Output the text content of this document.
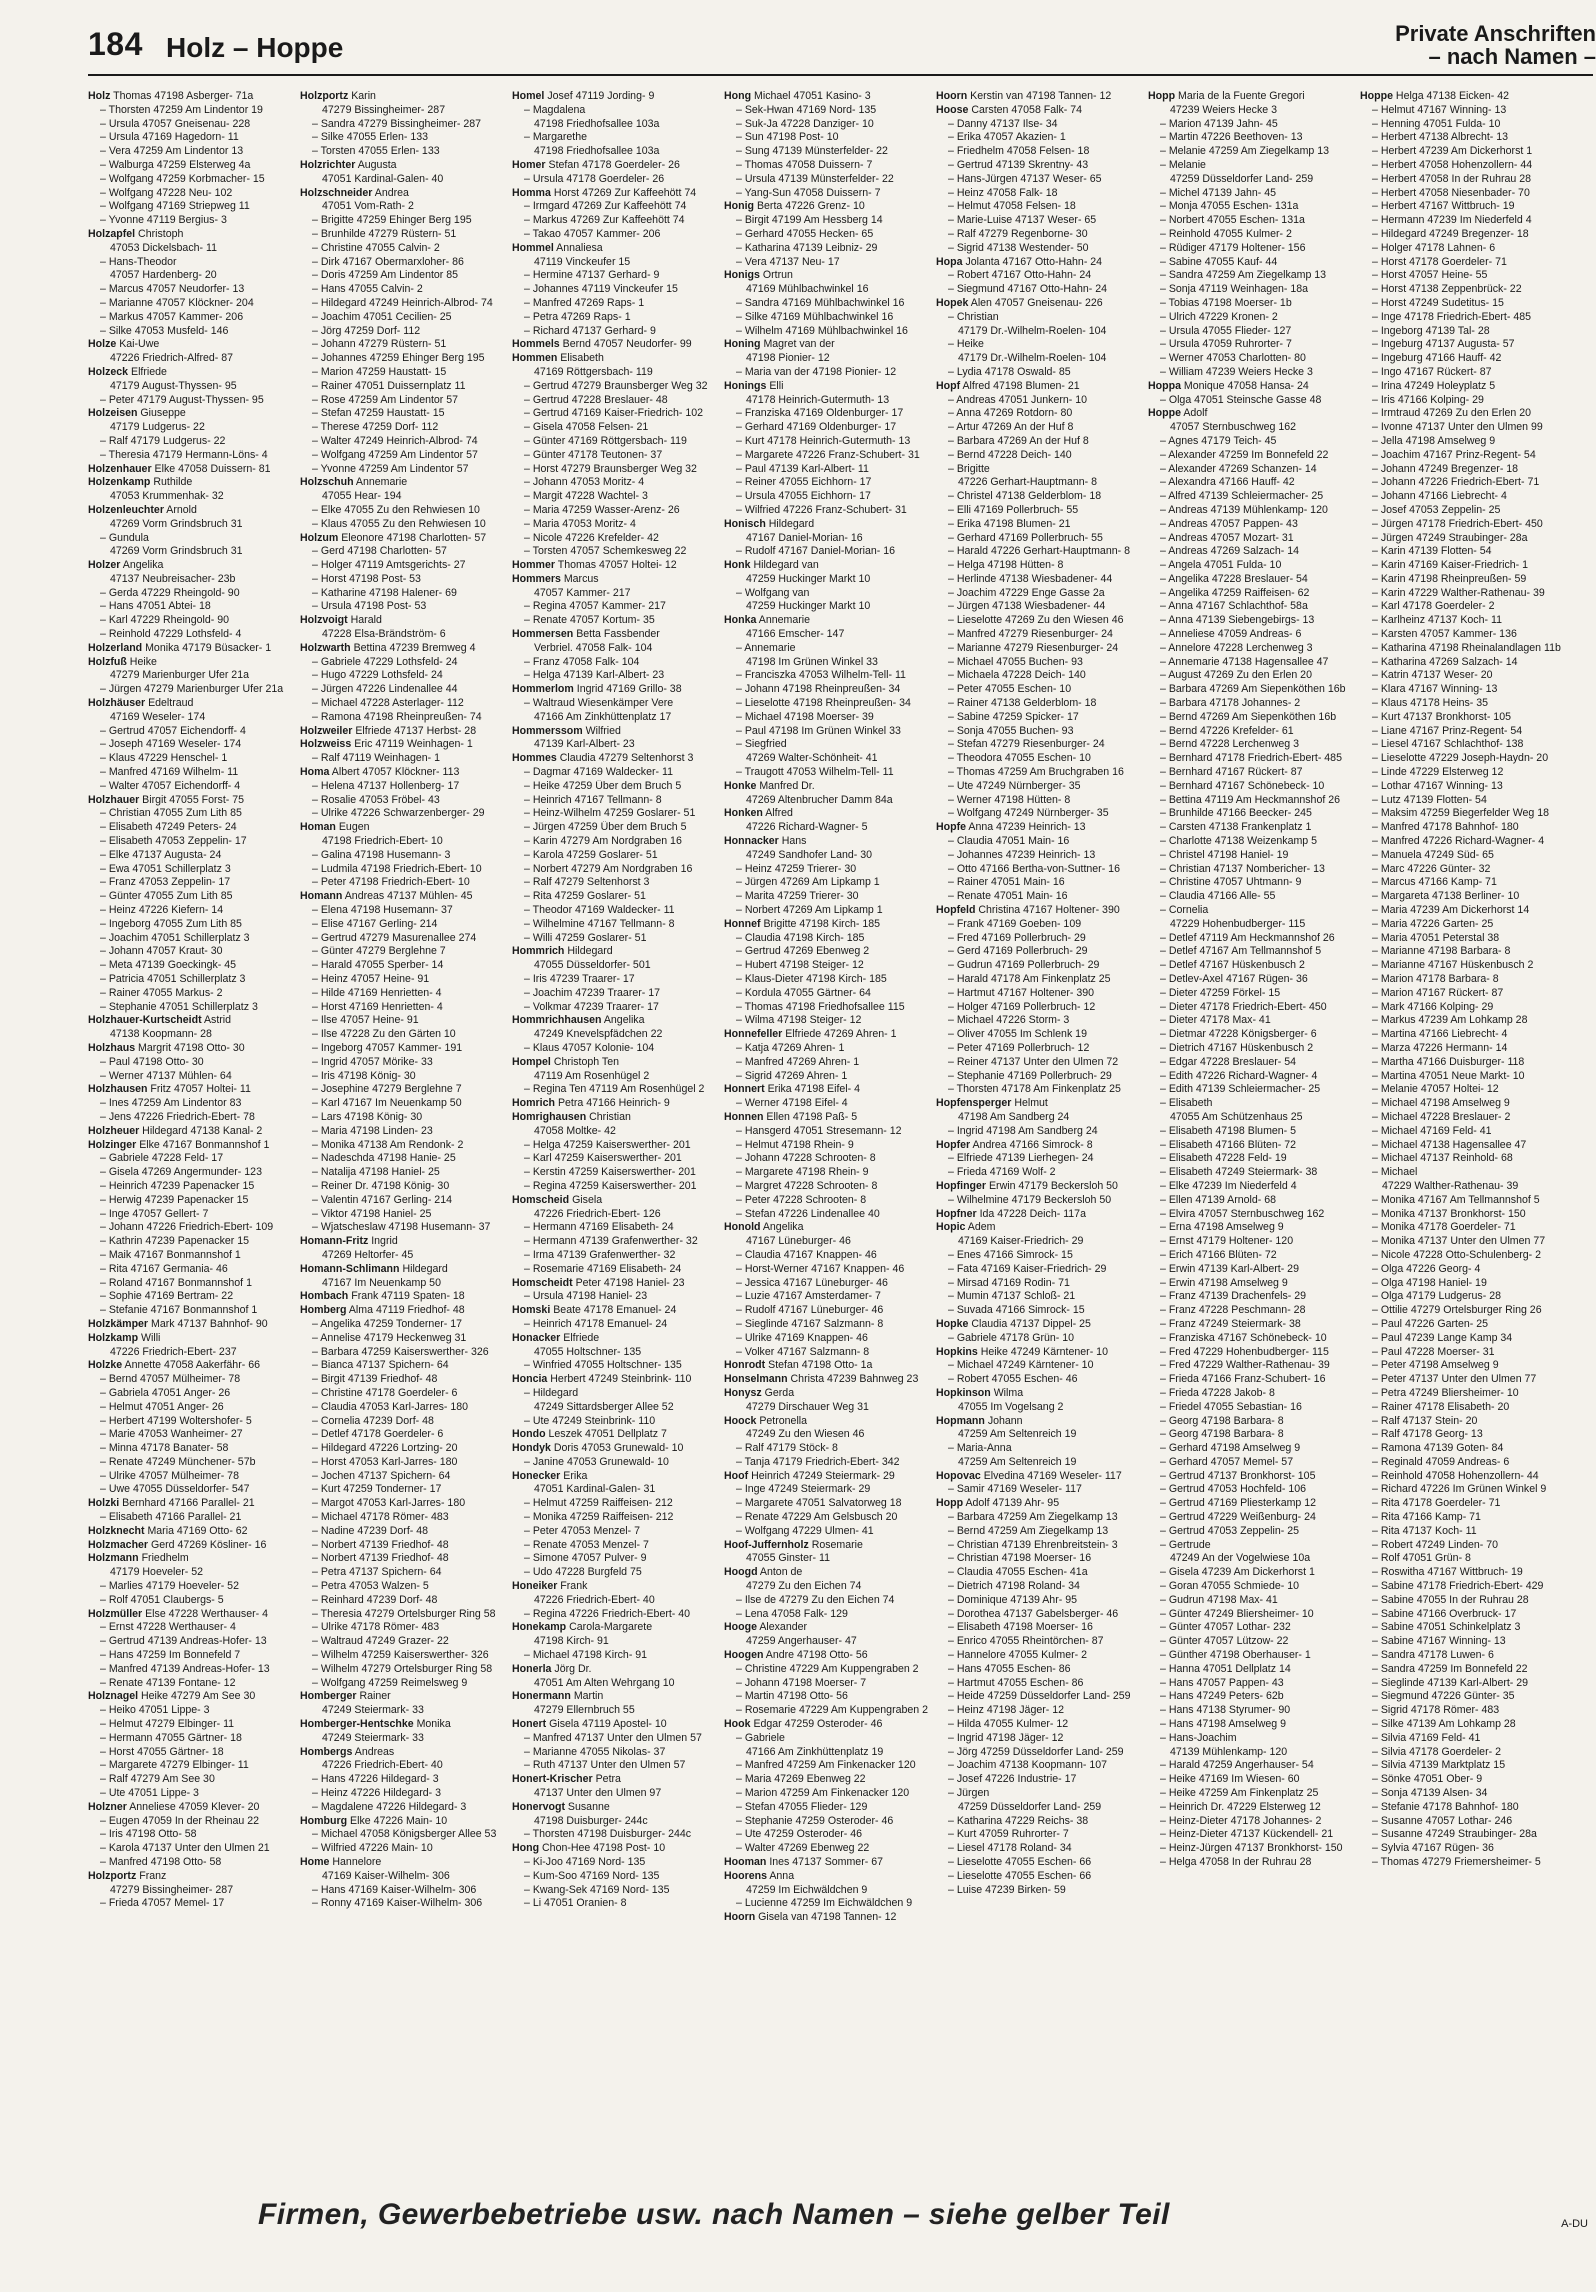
184 Holz – Hoppe	Private Anschriften
– nach Namen –
Holz Thomas 47198 Asberger- 71a
– Thorsten 47259 Am Lindentor 19
– Ursula 47057 Gneisenau- 228
– Ursula 47169 Hagedorn- 11
– Vera 47259 Am Lindentor 13
– Walburga 47259 Elsterweg 4a
– Wolfgang 47259 Korbmacher- 15
– Wolfgang 47228 Neu- 102
– Wolfgang 47169 Striepweg 11
– Yvonne 47119 Bergius- 3
Holzapfel Christoph
47053 Dickelsbach- 11
– Hans-Theodor
47057 Hardenberg- 20
– Marcus 47057 Neudorfer- 13
– Marianne 47057 Klöckner- 204
– Markus 47057 Kammer- 206
– Silke 47053 Musfeld- 146
Holze Kai-Uwe
47226 Friedrich-Alfred- 87
Holzeck Elfriede
47179 August-Thyssen- 95
– Peter 47179 August-Thyssen- 95
Holzeisen Giuseppe
47179 Ludgerus- 22
– Ralf 47179 Ludgerus- 22
– Theresia 47179 Hermann-Löns- 4
Holzenhauer Elke 47058 Duissern- 81
Holzenkamp Ruthilde
47053 Krummenhak- 32
Holzenleuchter Arnold
47269 Vorm Grindsbruch 31
– Gundula
47269 Vorm Grindsbruch 31
Holzer Angelika
47137 Neubreisacher- 23b
– Gerda 47229 Rheingold- 90
– Hans 47051 Abtei- 18
– Karl 47229 Rheingold- 90
– Reinhold 47229 Lothsfeld- 4
Holzerland Monika 47179 Büsacker- 1
Holzfuß Heike
47279 Marienburger Ufer 21a
– Jürgen 47279 Marienburger Ufer 21a
Holzhäuser Edeltraud
47169 Weseler- 174
– Gertrud 47057 Eichendorff- 4
– Joseph 47169 Weseler- 174
– Klaus 47229 Henschel- 1
– Manfred 47169 Wilhelm- 11
– Walter 47057 Eichendorff- 4
Holzhauer Birgit 47055 Forst- 75
– Christian 47055 Zum Lith 85
– Elisabeth 47249 Peters- 24
– Elisabeth 47053 Zeppelin- 17
– Elke 47137 Augusta- 24
– Ewa 47051 Schillerplatz 3
– Franz 47053 Zeppelin- 17
– Günter 47055 Zum Lith 85
– Heinz 47226 Kiefern- 14
– Ingeborg 47055 Zum Lith 85
– Joachim 47051 Schillerplatz 3
– Johann 47057 Kraut- 30
– Meta 47139 Goeckingk- 45
– Patricia 47051 Schillerplatz 3
– Rainer 47055 Markus- 2
– Stephanie 47051 Schillerplatz 3
Holzhauer-Kurtscheidt Astrid
47138 Koopmann- 28
Holzhaus Margrit 47198 Otto- 30
– Paul 47198 Otto- 30
– Werner 47137 Mühlen- 64
Holzhausen Fritz 47057 Holtei- 11
– Ines 47259 Am Lindentor 83
– Jens 47226 Friedrich-Ebert- 78
Holzheuer Hildegard 47138 Kanal- 2
Holzinger Elke 47167 Bonmannshof 1
– Gabriele 47228 Feld- 17
– Gisela 47269 Angermunder- 123
– Heinrich 47239 Papenacker 15
– Herwig 47239 Papenacker 15
– Inge 47057 Gellert- 7
– Johann 47226 Friedrich-Ebert- 109
– Kathrin 47239 Papenacker 15
– Maik 47167 Bonmannshof 1
– Rita 47167 Germania- 46
– Roland 47167 Bonmannshof 1
– Sophie 47169 Bertram- 22
– Stefanie 47167 Bonmannshof 1
Holzkämper Mark 47137 Bahnhof- 90
Holzkamp Willi
47226 Friedrich-Ebert- 237
Holzke Annette 47058 Aakerfähr- 66
– Bernd 47057 Mülheimer- 78
– Gabriela 47051 Anger- 26
– Helmut 47051 Anger- 26
– Herbert 47199 Woltershofer- 5
– Marie 47053 Wanheimer- 27
– Minna 47178 Banater- 58
– Renate 47249 Münchener- 57b
– Ulrike 47057 Mülheimer- 78
– Uwe 47055 Düsseldorfer- 547
Holzki Bernhard 47166 Parallel- 21
– Elisabeth 47166 Parallel- 21
Holzknecht Maria 47169 Otto- 62
Holzmacher Gerd 47269 Kösliner- 16
Holzmann Friedhelm
47179 Hoeveler- 52
– Marlies 47179 Hoeveler- 52
– Rolf 47051 Claubergs- 5
Holzmüller Else 47228 Werthauser- 4
– Ernst 47228 Werthauser- 4
– Gertrud 47139 Andreas-Hofer- 13
– Hans 47259 Im Bonnefeld 7
– Manfred 47139 Andreas-Hofer- 13
– Renate 47139 Fontane- 12
Holznagel Heike 47279 Am See 30
– Heiko 47051 Lippe- 3
– Helmut 47279 Elbinger- 11
– Hermann 47055 Gärtner- 18
– Horst 47055 Gärtner- 18
– Margarete 47279 Elbinger- 11
– Ralf 47279 Am See 30
– Ute 47051 Lippe- 3
Holzner Anneliese 47059 Klever- 20
– Eugen 47059 In der Rheinau 22
– Iris 47198 Otto- 58
– Karola 47137 Unter den Ulmen 21
– Manfred 47198 Otto- 58
Holzportz Franz
47279 Bissingheimer- 287
– Frieda 47057 Memel- 17
Holzportz Karin
47279 Bissingheimer- 287
– Sandra 47279 Bissingheimer- 287
– Silke 47055 Erlen- 133
– Torsten 47055 Erlen- 133
Holzrichter Augusta
47051 Kardinal-Galen- 40
Holzschneider Andrea
47051 Vom-Rath- 2
– Brigitte 47259 Ehinger Berg 195
– Brunhilde 47279 Rüstern- 51
– Christine 47055 Calvin- 2
– Dirk 47167 Obermarxloher- 86
– Doris 47259 Am Lindentor 85
– Hans 47055 Calvin- 2
– Hildegard 47249 Heinrich-Albrod- 74
– Joachim 47051 Cecilien- 25
– Jörg 47259 Dorf- 112
– Johann 47279 Rüstern- 51
– Johannes 47259 Ehinger Berg 195
– Marion 47259 Haustatt- 15
– Rainer 47051 Duissernplatz 11
– Rose 47259 Am Lindentor 57
– Stefan 47259 Haustatt- 15
– Therese 47259 Dorf- 112
– Walter 47249 Heinrich-Albrod- 74
– Wolfgang 47259 Am Lindentor 57
– Yvonne 47259 Am Lindentor 57
Holzschuh Annemarie
47055 Hear- 194
– Elke 47055 Zu den Rehwiesen 10
– Klaus 47055 Zu den Rehwiesen 10
Holzum Eleonore 47198 Charlotten- 57
– Gerd 47198 Charlotten- 57
– Holger 47119 Amtsgerichts- 27
– Horst 47198 Post- 53
– Katharine 47198 Halener- 69
– Ursula 47198 Post- 53
Holzvoigt Harald
47228 Elsa-Brändström- 6
Holzwarth Bettina 47239 Bremweg 4
– Gabriele 47229 Lothsfeld- 24
– Hugo 47229 Lothsfeld- 24
– Jürgen 47226 Lindenallee 44
– Michael 47228 Asterlager- 112
– Ramona 47198 Rheinpreußen- 74
Holzweiler Elfriede 47137 Herbst- 28
Holzweiss Eric 47119 Weinhagen- 1
– Ralf 47119 Weinhagen- 1
Homa Albert 47057 Klöckner- 113
– Helena 47137 Hollenberg- 17
– Rosalie 47053 Fröbel- 43
– Ulrike 47226 Schwarzenberger- 29
Homan Eugen
47198 Friedrich-Ebert- 10
– Galina 47198 Husemann- 3
– Ludmila 47198 Friedrich-Ebert- 10
– Peter 47198 Friedrich-Ebert- 10
Homann Andreas 47137 Mühlen- 45
– Elena 47198 Husemann- 37
– Elise 47167 Gerling- 214
– Gertrud 47279 Masurenallee 274
– Günter 47279 Berglehne 7
– Harald 47055 Sperber- 14
– Heinz 47057 Heine- 91
– Hilde 47169 Henrietten- 4
– Horst 47169 Henrietten- 4
– Ilse 47057 Heine- 91
– Ilse 47228 Zu den Gärten 10
– Ingeborg 47057 Kammer- 191
– Ingrid 47057 Mörike- 33
– Iris 47198 König- 30
– Josephine 47279 Berglehne 7
– Karl 47167 Im Neuenkamp 50
– Lars 47198 König- 30
– Maria 47198 Linden- 23
– Monika 47138 Am Rendonk- 2
– Nadeschda 47198 Hanie- 25
– Natalija 47198 Haniel- 25
– Reiner Dr. 47198 König- 30
– Valentin 47167 Gerling- 214
– Viktor 47198 Haniel- 25
– Wjatscheslaw 47198 Husemann- 37
Homann-Fritz Ingrid
47269 Heltorfer- 45
Homann-Schlimann Hildegard
47167 Im Neuenkamp 50
Hombach Frank 47119 Spaten- 18
Homberg Alma 47119 Friedhof- 48
– Angelika 47259 Tonderner- 17
– Annelise 47179 Heckenweg 31
– Barbara 47259 Kaiserswerther- 326
– Bianca 47137 Spichern- 64
– Birgit 47139 Friedhof- 48
– Christine 47178 Goerdeler- 6
– Claudia 47053 Karl-Jarres- 180
– Cornelia 47239 Dorf- 48
– Detlef 47178 Goerdeler- 6
– Hildegard 47226 Lortzing- 20
– Horst 47053 Karl-Jarres- 180
– Jochen 47137 Spichern- 64
– Kurt 47259 Tonderner- 17
– Margot 47053 Karl-Jarres- 180
– Michael 47178 Römer- 483
– Nadine 47239 Dorf- 48
– Norbert 47139 Friedhof- 48
– Norbert 47139 Friedhof- 48
– Petra 47137 Spichern- 64
– Petra 47053 Walzen- 5
– Reinhard 47239 Dorf- 48
– Theresia 47279 Ortelsburger Ring 58
– Ulrike 47178 Römer- 483
– Waltraud 47249 Grazer- 22
– Wilhelm 47259 Kaiserswerther- 326
– Wilhelm 47279 Ortelsburger Ring 58
– Wolfgang 47259 Reimelsweg 9
Homberger Rainer
47249 Steiermark- 33
Homberger-Hentschke Monika
47249 Steiermark- 33
Hombergs Andreas
47226 Friedrich-Ebert- 40
– Hans 47226 Hildegard- 3
– Heinz 47226 Hildegard- 3
– Magdalene 47226 Hildegard- 3
Homburg Elke 47226 Main- 10
– Michael 47058 Königsberger Allee 53
– Wilfried 47226 Main- 10
Home Hannelore
47169 Kaiser-Wilhelm- 306
– Hans 47169 Kaiser-Wilhelm- 306
– Ronny 47169 Kaiser-Wilhelm- 306
Homel Josef 47119 Jording- 9
– Magdalena
47198 Friedhofsallee 103a
– Margarethe
47198 Friedhofsallee 103a
Homer Stefan 47178 Goerdeler- 26
– Ursula 47178 Goerdeler- 26
Homma Horst 47269 Zur Kaffeehött 74
– Irmgard 47269 Zur Kaffeehött 74
– Markus 47269 Zur Kaffeehött 74
– Takao 47057 Kammer- 206
Hommel Annaliesa
47119 Vinckeufer 15
– Hermine 47137 Gerhard- 9
– Johannes 47119 Vinckeufer 15
– Manfred 47269 Raps- 1
– Petra 47269 Raps- 1
– Richard 47137 Gerhard- 9
Hommels Bernd 47057 Neudorfer- 99
Hommen Elisabeth
47169 Röttgersbach- 119
– Gertrud 47279 Braunsberger Weg 32
– Gertrud 47228 Breslauer- 48
– Gertrud 47169 Kaiser-Friedrich- 102
– Gisela 47058 Felsen- 21
– Günter 47169 Röttgersbach- 119
– Günter 47178 Teutonen- 37
– Horst 47279 Braunsberger Weg 32
– Johann 47053 Moritz- 4
– Margit 47228 Wachtel- 3
– Maria 47259 Wasser-Arenz- 26
– Maria 47053 Moritz- 4
– Nicole 47226 Krefelder- 42
– Torsten 47057 Schemkesweg 22
Hommer Thomas 47057 Holtei- 12
Hommers Marcus
47057 Kammer- 217
– Regina 47057 Kammer- 217
– Renate 47057 Kortum- 35
Hommersen Betta Fassbender
Verbriel. 47058 Falk- 104
– Franz 47058 Falk- 104
– Helga 47139 Karl-Albert- 23
Hommerlom Ingrid 47169 Grillo- 38
– Waltraud Wiesenkämper Vere
47166 Am Zinkhüttenplatz 17
Hommerssom Wilfried
47139 Karl-Albert- 23
Hommes Claudia 47279 Seltenhorst 3
– Dagmar 47169 Waldecker- 11
– Heike 47259 Über dem Bruch 5
– Heinrich 47167 Tellmann- 8
– Heinz-Wilhelm 47259 Goslarer- 51
– Jürgen 47259 Über dem Bruch 5
– Karin 47279 Am Nordgraben 16
– Karola 47259 Goslarer- 51
– Norbert 47279 Am Nordgraben 16
– Ralf 47279 Seltenhorst 3
– Rita 47259 Goslarer- 51
– Theodor 47169 Waldecker- 11
– Wilhelmine 47167 Tellmann- 8
– Willi 47259 Goslarer- 51
Hommrich Hildegard
47055 Düsseldorfer- 501
– Iris 47239 Traarer- 17
– Joachim 47239 Traarer- 17
– Volkmar 47239 Traarer- 17
Hommrichhausen Angelika
47249 Knevelspfädchen 22
– Klaus 47057 Kolonie- 104
Hompel Christoph Ten
47119 Am Rosenhügel 2
– Regina Ten 47119 Am Rosenhügel 2
Homrich Petra 47166 Heinrich- 9
Homrighausen Christian
47058 Moltke- 42
– Helga 47259 Kaiserswerther- 201
– Karl 47259 Kaiserswerther- 201
– Kerstin 47259 Kaiserswerther- 201
– Regina 47259 Kaiserswerther- 201
Homscheid Gisela
47226 Friedrich-Ebert- 126
– Hermann 47169 Elisabeth- 24
– Hermann 47139 Grafenwerther- 32
– Irma 47139 Grafenwerther- 32
– Rosemarie 47169 Elisabeth- 24
Homscheidt Peter 47198 Haniel- 23
– Ursula 47198 Haniel- 23
Homski Beate 47178 Emanuel- 24
– Heinrich 47178 Emanuel- 24
Honacker Elfriede
47055 Holtschner- 135
– Winfried 47055 Holtschner- 135
Honcia Herbert 47249 Steinbrink- 110
– Hildegard
47249 Sittardsberger Allee 52
– Ute 47249 Steinbrink- 110
Hondo Leszek 47051 Dellplatz 7
Hondyk Doris 47053 Grunewald- 10
– Janine 47053 Grunewald- 10
Honecker Erika
47051 Kardinal-Galen- 31
– Helmut 47259 Raiffeisen- 212
– Monika 47259 Raiffeisen- 212
– Peter 47053 Menzel- 7
– Renate 47053 Menzel- 7
– Simone 47057 Pulver- 9
– Udo 47228 Burgfeld 75
Honeiker Frank
47226 Friedrich-Ebert- 40
– Regina 47226 Friedrich-Ebert- 40
Honekamp Carola-Margarete
47198 Kirch- 91
– Michael 47198 Kirch- 91
Honerla Jörg Dr.
47051 Am Alten Wehrgang 10
Honermann Martin
47279 Ellernbruch 55
Honert Gisela 47119 Apostel- 10
– Manfred 47137 Unter den Ulmen 57
– Marianne 47055 Nikolas- 37
– Ruth 47137 Unter den Ulmen 57
Honert-Krischer Petra
47137 Unter den Ulmen 97
Honervogt Susanne
47198 Duisburger- 244c
– Thorsten 47198 Duisburger- 244c
Hong Chon-Hee 47198 Post- 10
– Ki-Joo 47169 Nord- 135
– Kum-Soo 47169 Nord- 135
– Kwang-Sek 47169 Nord- 135
– Li 47051 Oranien- 8
Hong Michael 47051 Kasino- 3
– Sek-Hwan 47169 Nord- 135
– Suk-Ja 47228 Danziger- 10
– Sun 47198 Post- 10
– Sung 47139 Münsterfelder- 22
– Thomas 47058 Duissern- 7
– Ursula 47139 Münsterfelder- 22
– Yang-Sun 47058 Duissern- 7
Honig Berta 47226 Grenz- 10
– Birgit 47199 Am Hessberg 14
– Gerhard 47055 Hecken- 65
– Katharina 47139 Leibniz- 29
– Vera 47137 Neu- 17
Honigs Ortrun
47169 Mühlbachwinkel 16
– Sandra 47169 Mühlbachwinkel 16
– Silke 47169 Mühlbachwinkel 16
– Wilhelm 47169 Mühlbachwinkel 16
Honing Magret van der
47198 Pionier- 12
– Maria van der 47198 Pionier- 12
Honings Elli
47178 Heinrich-Gutermuth- 13
– Franziska 47169 Oldenburger- 17
– Gerhard 47169 Oldenburger- 17
– Kurt 47178 Heinrich-Gutermuth- 13
– Margarete 47226 Franz-Schubert- 31
– Paul 47139 Karl-Albert- 11
– Reiner 47055 Eichhorn- 17
– Ursula 47055 Eichhorn- 17
– Wilfried 47226 Franz-Schubert- 31
Honisch Hildegard
47167 Daniel-Morian- 16
– Rudolf 47167 Daniel-Morian- 16
Honk Hildegard van
47259 Huckinger Markt 10
– Wolfgang van
47259 Huckinger Markt 10
Honka Annemarie
47166 Emscher- 147
– Annemarie
47198 Im Grünen Winkel 33
– Franciszka 47053 Wilhelm-Tell- 11
– Johann 47198 Rheinpreußen- 34
– Lieselotte 47198 Rheinpreußen- 34
– Michael 47198 Moerser- 39
– Paul 47198 Im Grünen Winkel 33
– Siegfried
47269 Walter-Schönheit- 41
– Traugott 47053 Wilhelm-Tell- 11
Honke Manfred Dr.
47269 Altenbrucher Damm 84a
Honken Alfred
47226 Richard-Wagner- 5
Honnacker Hans
47249 Sandhofer Land- 30
– Heinz 47259 Trierer- 30
– Jürgen 47269 Am Lipkamp 1
– Marita 47259 Trierer- 30
– Norbert 47269 Am Lipkamp 1
Honnef Brigitte 47198 Kirch- 185
– Claudia 47198 Kirch- 185
– Gertrud 47269 Ebenweg 2
– Hubert 47198 Steiger- 12
– Klaus-Dieter 47198 Kirch- 185
– Kordula 47055 Gärtner- 64
– Thomas 47198 Friedhofsallee 115
– Wilma 47198 Steiger- 12
Honnefeller Elfriede 47269 Ahren- 1
– Katja 47269 Ahren- 1
– Manfred 47269 Ahren- 1
– Sigrid 47269 Ahren- 1
Honnert Erika 47198 Eifel- 4
– Werner 47198 Eifel- 4
Honnen Ellen 47198 Paß- 5
– Hansgerd 47051 Stresemann- 12
– Helmut 47198 Rhein- 9
– Johann 47228 Schrooten- 8
– Margarete 47198 Rhein- 9
– Margret 47228 Schrooten- 8
– Peter 47228 Schrooten- 8
– Stefan 47226 Lindenallee 40
Honold Angelika
47167 Lüneburger- 46
– Claudia 47167 Knappen- 46
– Horst-Werner 47167 Knappen- 46
– Jessica 47167 Lüneburger- 46
– Luzie 47167 Amsterdamer- 7
– Rudolf 47167 Lüneburger- 46
– Sieglinde 47167 Salzmann- 8
– Ulrike 47169 Knappen- 46
– Volker 47167 Salzmann- 8
Honrodt Stefan 47198 Otto- 1a
Honselmann Christa 47239 Bahnweg 23
Honysz Gerda
47279 Dirschauer Weg 31
Hoock Petronella
47249 Zu den Wiesen 46
– Ralf 47179 Stöck- 8
– Tanja 47179 Friedrich-Ebert- 342
Hoof Heinrich 47249 Steiermark- 29
– Inge 47249 Steiermark- 29
– Margarete 47051 Salvatorweg 18
– Renate 47229 Am Gelsbusch 20
– Wolfgang 47229 Ulmen- 41
Hoof-Juffernholz Rosemarie
47055 Ginster- 11
Hoogd Anton de
47279 Zu den Eichen 74
– Ilse de 47279 Zu den Eichen 74
– Lena 47058 Falk- 129
Hooge Alexander
47259 Angerhauser- 47
Hoogen Andre 47198 Otto- 56
– Christine 47229 Am Kuppengraben 2
– Johann 47198 Moerser- 7
– Martin 47198 Otto- 56
– Rosemarie 47229 Am Kuppengraben 2
Hook Edgar 47259 Osteroder- 46
– Gabriele
47166 Am Zinkhüttenplatz 19
– Manfred 47259 Am Finkenacker 120
– Maria 47269 Ebenweg 22
– Marion 47259 Am Finkenacker 120
– Stefan 47055 Flieder- 129
– Stephanie 47259 Osteroder- 46
– Ute 47259 Osteroder- 46
– Walter 47269 Ebenweg 22
Hooman Ines 47137 Sommer- 67
Hoorens Anna
47259 Im Eichwäldchen 9
– Lucienne 47259 Im Eichwäldchen 9
Hoorn Gisela van 47198 Tannen- 12
Hoorn Kerstin van 47198 Tannen- 12
Hoose Carsten 47058 Falk- 74
– Danny 47137 Ilse- 34
– Erika 47057 Akazien- 1
– Friedhelm 47058 Felsen- 18
– Gertrud 47139 Skrentny- 43
– Hans-Jürgen 47137 Weser- 65
– Heinz 47058 Falk- 18
– Helmut 47058 Felsen- 18
– Marie-Luise 47137 Weser- 65
– Ralf 47279 Regenborne- 30
– Sigrid 47138 Westender- 50
Hopa Jolanta 47167 Otto-Hahn- 24
– Robert 47167 Otto-Hahn- 24
– Siegmund 47167 Otto-Hahn- 24
Hopek Alen 47057 Gneisenau- 226
– Christian
47179 Dr.-Wilhelm-Roelen- 104
– Heike
47179 Dr.-Wilhelm-Roelen- 104
– Lydia 47178 Oswald- 85
Hopf Alfred 47198 Blumen- 21
– Andreas 47051 Junkern- 10
– Anna 47269 Rotdorn- 80
– Artur 47269 An der Huf 8
– Barbara 47269 An der Huf 8
– Bernd 47228 Deich- 140
– Brigitte
47226 Gerhart-Hauptmann- 8
– Christel 47138 Gelderblom- 18
– Elli 47169 Pollerbruch- 55
– Erika 47198 Blumen- 21
– Gerhard 47169 Pollerbruch- 55
– Harald 47226 Gerhart-Hauptmann- 8
– Helga 47198 Hütten- 8
– Herlinde 47138 Wiesbadener- 44
– Joachim 47229 Enge Gasse 2a
– Jürgen 47138 Wiesbadener- 44
– Lieselotte 47269 Zu den Wiesen 46
– Manfred 47279 Riesenburger- 24
– Marianne 47279 Riesenburger- 24
– Michael 47055 Buchen- 93
– Michaela 47228 Deich- 140
– Peter 47055 Eschen- 10
– Rainer 47138 Gelderblom- 18
– Sabine 47259 Spicker- 17
– Sonja 47055 Buchen- 93
– Stefan 47279 Riesenburger- 24
– Theodora 47055 Eschen- 10
– Thomas 47259 Am Bruchgraben 16
– Ute 47249 Nürnberger- 35
– Werner 47198 Hütten- 8
– Wolfgang 47249 Nürnberger- 35
Hopfe Anna 47239 Heinrich- 13
– Claudia 47051 Main- 16
– Johannes 47239 Heinrich- 13
– Otto 47166 Bertha-von-Suttner- 16
– Rainer 47051 Main- 16
– Renate 47051 Main- 16
Hopfeld Christina 47167 Holtener- 390
– Frank 47169 Goeben- 109
– Fred 47169 Pollerbruch- 29
– Gerd 47169 Pollerbruch- 29
– Gudrun 47169 Pollerbruch- 29
– Harald 47178 Am Finkenplatz 25
– Hartmut 47167 Holtener- 390
– Holger 47169 Pollerbruch- 12
– Michael 47226 Storm- 3
– Oliver 47055 Im Schlenk 19
– Peter 47169 Pollerbruch- 12
– Reiner 47137 Unter den Ulmen 72
– Stephanie 47169 Pollerbruch- 29
– Thorsten 47178 Am Finkenplatz 25
Hopfensperger Helmut
47198 Am Sandberg 24
– Ingrid 47198 Am Sandberg 24
Hopfer Andrea 47166 Simrock- 8
– Elfriede 47139 Lierhegen- 24
– Frieda 47169 Wolf- 2
Hopfinger Erwin 47179 Beckersloh 50
– Wilhelmine 47179 Beckersloh 50
Hopfner Ida 47228 Deich- 117a
Hopic Adem
47169 Kaiser-Friedrich- 29
– Enes 47166 Simrock- 15
– Fata 47169 Kaiser-Friedrich- 29
– Mirsad 47169 Rodin- 71
– Mumin 47137 Schloß- 21
– Suvada 47166 Simrock- 15
Hopke Claudia 47137 Dippel- 25
– Gabriele 47178 Grün- 10
Hopkins Heike 47249 Kärntener- 10
– Michael 47249 Kärntener- 10
– Robert 47055 Eschen- 46
Hopkinson Wilma
47055 Im Vogelsang 2
Hopmann Johann
47259 Am Seltenreich 19
– Maria-Anna
47259 Am Seltenreich 19
Hopovac Elvedina 47169 Weseler- 117
– Samir 47169 Weseler- 117
Hopp Adolf 47139 Ahr- 95
– Barbara 47259 Am Ziegelkamp 13
– Bernd 47259 Am Ziegelkamp 13
– Christian 47139 Ehrenbreitstein- 3
– Christian 47198 Moerser- 16
– Claudia 47055 Eschen- 41a
– Dietrich 47198 Roland- 34
– Dominique 47139 Ahr- 95
– Dorothea 47137 Gabelsberger- 46
– Elisabeth 47198 Moerser- 16
– Enrico 47055 Rheintörchen- 87
– Hannelore 47055 Kulmer- 2
– Hans 47055 Eschen- 86
– Hartmut 47055 Eschen- 86
– Heide 47259 Düsseldorfer Land- 259
– Heinz 47198 Jäger- 12
– Hilda 47055 Kulmer- 12
– Ingrid 47198 Jäger- 12
– Jörg 47259 Düsseldorfer Land- 259
– Joachim 47138 Koopmann- 107
– Josef 47226 Industrie- 17
– Jürgen
47259 Düsseldorfer Land- 259
– Katharina 47229 Reichs- 38
– Kurt 47059 Ruhrorter- 7
– Liesel 47178 Roland- 34
– Lieselotte 47055 Eschen- 66
– Lieselotte 47055 Eschen- 66
– Luise 47239 Birken- 59
Hopp Maria de la Fuente Gregori
47239 Weiers Hecke 3
– Marion 47139 Jahn- 45
– Martin 47226 Beethoven- 13
– Melanie 47259 Am Ziegelkamp 13
– Melanie
47259 Düsseldorfer Land- 259
– Michel 47139 Jahn- 45
– Monja 47055 Eschen- 131a
– Norbert 47055 Eschen- 131a
– Reinhold 47055 Kulmer- 2
– Rüdiger 47179 Holtener- 156
– Sabine 47055 Kauf- 44
– Sandra 47259 Am Ziegelkamp 13
– Sonja 47119 Weinhagen- 18a
– Tobias 47198 Moerser- 1b
– Ulrich 47229 Kronen- 2
– Ursula 47055 Flieder- 127
– Ursula 47059 Ruhrorter- 7
– Werner 47053 Charlotten- 80
– William 47239 Weiers Hecke 3
Hoppa Monique 47058 Hansa- 24
– Olga 47051 Steinsche Gasse 48
Hoppe Adolf
47057 Sternbuschweg 162
– Agnes 47179 Teich- 45
– Alexander 47259 Im Bonnefeld 22
– Alexander 47269 Schanzen- 14
– Alexandra 47166 Hauff- 42
– Alfred 47139 Schleiermacher- 25
– Andreas 47139 Mühlenkamp- 120
– Andreas 47057 Pappen- 43
– Andreas 47057 Mozart- 31
– Andreas 47269 Salzach- 14
– Angela 47051 Fulda- 10
– Angelika 47228 Breslauer- 54
– Angelika 47259 Raiffeisen- 62
– Anna 47167 Schlachthof- 58a
– Anna 47139 Siebengebirgs- 13
– Anneliese 47059 Andreas- 6
– Annelore 47228 Lerchenweg 3
– Annemarie 47138 Hagensallee 47
– August 47269 Zu den Erlen 20
– Barbara 47269 Am Siepenköthen 16b
– Barbara 47178 Johannes- 2
– Bernd 47269 Am Siepenköthen 16b
– Bernd 47226 Krefelder- 61
– Bernd 47228 Lerchenweg 3
– Bernhard 47178 Friedrich-Ebert- 485
– Bernhard 47167 Rückert- 87
– Bernhard 47167 Schönebeck- 10
– Bettina 47119 Am Heckmannshof 26
– Brunhilde 47166 Beecker- 245
– Carsten 47138 Frankenplatz 1
– Charlotte 47138 Weizenkamp 5
– Christel 47198 Haniel- 19
– Christian 47137 Nombericher- 13
– Christine 47057 Uhtmann- 9
– Claudia 47166 Alle- 55
– Cornelia
47229 Hohenbudberger- 115
– Detlef 47119 Am Heckmannshof 26
– Detlef 47167 Am Tellmannshof 5
– Detlef 47167 Hüskenbusch 2
– Detlev-Axel 47167 Rügen- 36
– Dieter 47259 Förkel- 15
– Dieter 47178 Friedrich-Ebert- 450
– Dieter 47178 Max- 41
– Dietmar 47228 Königsberger- 6
– Dietrich 47167 Hüskenbusch 2
– Edgar 47228 Breslauer- 54
– Edith 47226 Richard-Wagner- 4
– Edith 47139 Schleiermacher- 25
– Elisabeth
47055 Am Schützenhaus 25
– Elisabeth 47198 Blumen- 5
– Elisabeth 47166 Blüten- 72
– Elisabeth 47228 Feld- 19
– Elisabeth 47249 Steiermark- 38
– Elke 47239 Im Niederfeld 4
– Ellen 47139 Arnold- 68
– Elvira 47057 Sternbuschweg 162
– Erna 47198 Amselweg 9
– Ernst 47179 Holtener- 120
– Erich 47166 Blüten- 72
– Erwin 47139 Karl-Albert- 29
– Erwin 47198 Amselweg 9
– Franz 47139 Drachenfels- 29
– Franz 47228 Peschmann- 28
– Franz 47249 Steiermark- 38
– Franziska 47167 Schönebeck- 10
– Fred 47229 Hohenbudberger- 115
– Fred 47229 Walther-Rathenau- 39
– Frieda 47166 Franz-Schubert- 16
– Frieda 47228 Jakob- 8
– Friedel 47055 Sebastian- 16
– Georg 47198 Barbara- 8
– Georg 47198 Barbara- 8
– Gerhard 47198 Amselweg 9
– Gerhard 47057 Memel- 57
– Gertrud 47137 Bronkhorst- 105
– Gertrud 47053 Hochfeld- 106
– Gertrud 47169 Pliesterkamp 12
– Gertrud 47229 Weißenburg- 24
– Gertrud 47053 Zeppelin- 25
– Gertrude
47249 An der Vogelwiese 10a
– Gisela 47239 Am Dickerhorst 1
– Goran 47055 Schmiede- 10
– Gudrun 47198 Max- 41
– Günter 47249 Bliersheimer- 10
– Günter 47057 Lothar- 232
– Günter 47057 Lützow- 22
– Günther 47198 Oberhauser- 1
– Hanna 47051 Dellplatz 14
– Hans 47057 Pappen- 43
– Hans 47249 Peters- 62b
– Hans 47138 Styrumer- 90
– Hans 47198 Amselweg 9
– Hans-Joachim
47139 Mühlenkamp- 120
– Harald 47259 Angerhauser- 54
– Heike 47169 Im Wiesen- 60
– Heike 47259 Am Finkenplatz 25
– Heinrich Dr. 47229 Elsterweg 12
– Heinz-Dieter 47178 Johannes- 2
– Heinz-Dieter 47137 Kückendell- 21
– Heinz-Jürgen 47137 Bronkhorst- 150
– Helga 47058 In der Ruhrau 28
Hoppe Helga 47138 Eicken- 42
– Helmut 47167 Winning- 13
– Henning 47051 Fulda- 10
– Herbert 47138 Albrecht- 13
– Herbert 47239 Am Dickerhorst 1
– Herbert 47058 Hohenzollern- 44
– Herbert 47058 In der Ruhrau 28
– Herbert 47058 Niesenbader- 70
– Herbert 47167 Wittbruch- 19
– Hermann 47239 Im Niederfeld 4
– Hildegard 47249 Bregenzer- 18
– Holger 47178 Lahnen- 6
– Horst 47178 Goerdeler- 71
– Horst 47057 Heine- 55
– Horst 47138 Zeppenbrück- 22
– Horst 47249 Sudetitus- 15
– Inge 47178 Friedrich-Ebert- 485
– Ingeborg 47139 Tal- 28
– Ingeburg 47137 Augusta- 57
– Ingeburg 47166 Hauff- 42
– Ingo 47167 Rückert- 87
– Irina 47249 Holeyplatz 5
– Iris 47166 Kolping- 29
– Irmtraud 47269 Zu den Erlen 20
– Ivonne 47137 Unter den Ulmen 99
– Jella 47198 Amselweg 9
– Joachim 47167 Prinz-Regent- 54
– Johann 47249 Bregenzer- 18
– Johann 47226 Friedrich-Ebert- 71
– Johann 47166 Liebrecht- 4
– Josef 47053 Zeppelin- 25
– Jürgen 47178 Friedrich-Ebert- 450
– Jürgen 47249 Straubinger- 28a
– Karin 47139 Flotten- 54
– Karin 47169 Kaiser-Friedrich- 1
– Karin 47198 Rheinpreußen- 59
– Karin 47229 Walther-Rathenau- 39
– Karl 47178 Goerdeler- 2
– Karlheinz 47137 Koch- 11
– Karsten 47057 Kammer- 136
– Katharina 47198 Rheinalandlagen 11b
– Katharina 47269 Salzach- 14
– Katrin 47137 Weser- 20
– Klara 47167 Winning- 13
– Klaus 47178 Heins- 35
– Kurt 47137 Bronkhorst- 105
– Liane 47167 Prinz-Regent- 54
– Liesel 47167 Schlachthof- 138
– Lieselotte 47229 Joseph-Haydn- 20
– Linde 47229 Elsterweg 12
– Lothar 47167 Winning- 13
– Lutz 47139 Flotten- 54
– Maksim 47259 Biegerfelder Weg 18
– Manfred 47178 Bahnhof- 180
– Manfred 47226 Richard-Wagner- 4
– Manuela 47249 Süd- 65
– Marc 47226 Günter- 32
– Marcus 47166 Kamp- 71
– Margareta 47138 Berliner- 10
– Maria 47239 Am Dickerhorst 14
– Maria 47226 Garten- 25
– Maria 47051 Peterstal 38
– Marianne 47198 Barbara- 8
– Marianne 47167 Hüskenbusch 2
– Marion 47178 Barbara- 8
– Marion 47167 Rückert- 87
– Mark 47166 Kolping- 29
– Markus 47239 Am Lohkamp 28
– Martina 47166 Liebrecht- 4
– Marza 47226 Hermann- 14
– Martha 47166 Duisburger- 118
– Martina 47051 Neue Markt- 10
– Melanie 47057 Holtei- 12
– Michael 47198 Amselweg 9
– Michael 47228 Breslauer- 2
– Michael 47169 Feld- 41
– Michael 47138 Hagensallee 47
– Michael 47137 Reinhold- 68
– Michael
47229 Walther-Rathenau- 39
– Monika 47167 Am Tellmannshof 5
– Monika 47137 Bronkhorst- 150
– Monika 47178 Goerdeler- 71
– Monika 47137 Unter den Ulmen 77
– Nicole 47228 Otto-Schulenberg- 2
– Olga 47226 Georg- 4
– Olga 47198 Haniel- 19
– Olga 47179 Ludgerus- 28
– Ottilie 47279 Ortelsburger Ring 26
– Paul 47226 Garten- 25
– Paul 47239 Lange Kamp 34
– Paul 47228 Moerser- 31
– Peter 47198 Amselweg 9
– Peter 47137 Unter den Ulmen 77
– Petra 47249 Bliersheimer- 10
– Rainer 47178 Elisabeth- 20
– Ralf 47137 Stein- 20
– Ralf 47178 Georg- 13
– Ramona 47139 Goten- 84
– Reginald 47059 Andreas- 6
– Reinhold 47058 Hohenzollern- 44
– Richard 47226 Im Grünen Winkel 9
– Rita 47178 Goerdeler- 71
– Rita 47166 Kamp- 71
– Rita 47137 Koch- 11
– Robert 47249 Linden- 70
– Rolf 47051 Grün- 8
– Roswitha 47167 Wittbruch- 19
– Sabine 47178 Friedrich-Ebert- 429
– Sabine 47055 In der Ruhrau 28
– Sabine 47166 Overbruck- 17
– Sabine 47051 Schinkelplatz 3
– Sabine 47167 Winning- 13
– Sandra 47178 Luwen- 6
– Sandra 47259 Im Bonnefeld 22
– Sieglinde 47139 Karl-Albert- 29
– Siegmund 47226 Günter- 35
– Sigrid 47178 Römer- 483
– Silke 47139 Am Lohkamp 28
– Silvia 47169 Feld- 41
– Silvia 47178 Goerdeler- 2
– Silvia 47139 Marktplatz 15
– Sönke 47051 Ober- 9
– Sonja 47139 Alsen- 34
– Stefanie 47178 Bahnhof- 180
– Susanne 47057 Lothar- 246
– Susanne 47249 Straubinger- 28a
– Sylvia 47167 Rügen- 36
– Thomas 47279 Friemersheimer- 5
Firmen, Gewerbebetriebe usw. nach Namen – siehe gelber Teil	A-DU
